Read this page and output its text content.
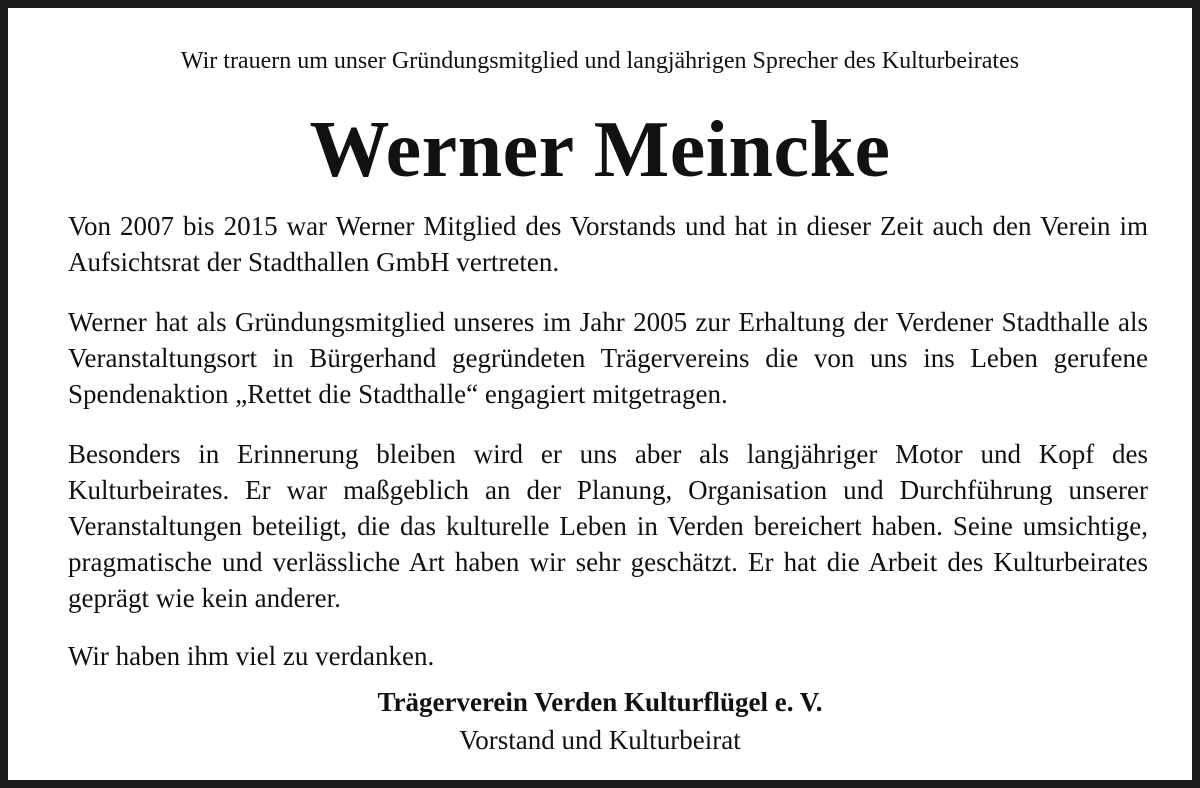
Wir trauern um unser Gründungsmitglied und langjährigen Sprecher des Kulturbeirates

Werner Meincke

Von 2007 bis 2015 war Werner Mitglied des Vorstands und hat in dieser Zeit auch den Verein im Aufsichtsrat der Stadthallen GmbH vertreten.

Werner hat als Gründungsmitglied unseres im Jahr 2005 zur Erhaltung der Verdener Stadthalle als Veranstaltungsort in Bürgerhand gegründeten Trägervereins die von uns ins Leben gerufene Spendenaktion „Rettet die Stadthalle“ engagiert mitgetragen.

Besonders in Erinnerung bleiben wird er uns aber als langjähriger Motor und Kopf des Kulturbeirates. Er war maßgeblich an der Planung, Organisation und Durchführung unserer Veranstaltungen beteiligt, die das kulturelle Leben in Verden bereichert haben. Seine umsichtige, pragmatische und verlässliche Art haben wir sehr geschätzt. Er hat die Arbeit des Kulturbeirates geprägt wie kein anderer.

Wir haben ihm viel zu verdanken.

Trägerverein Verden Kulturflügel e. V.

Vorstand und Kulturbeirat
